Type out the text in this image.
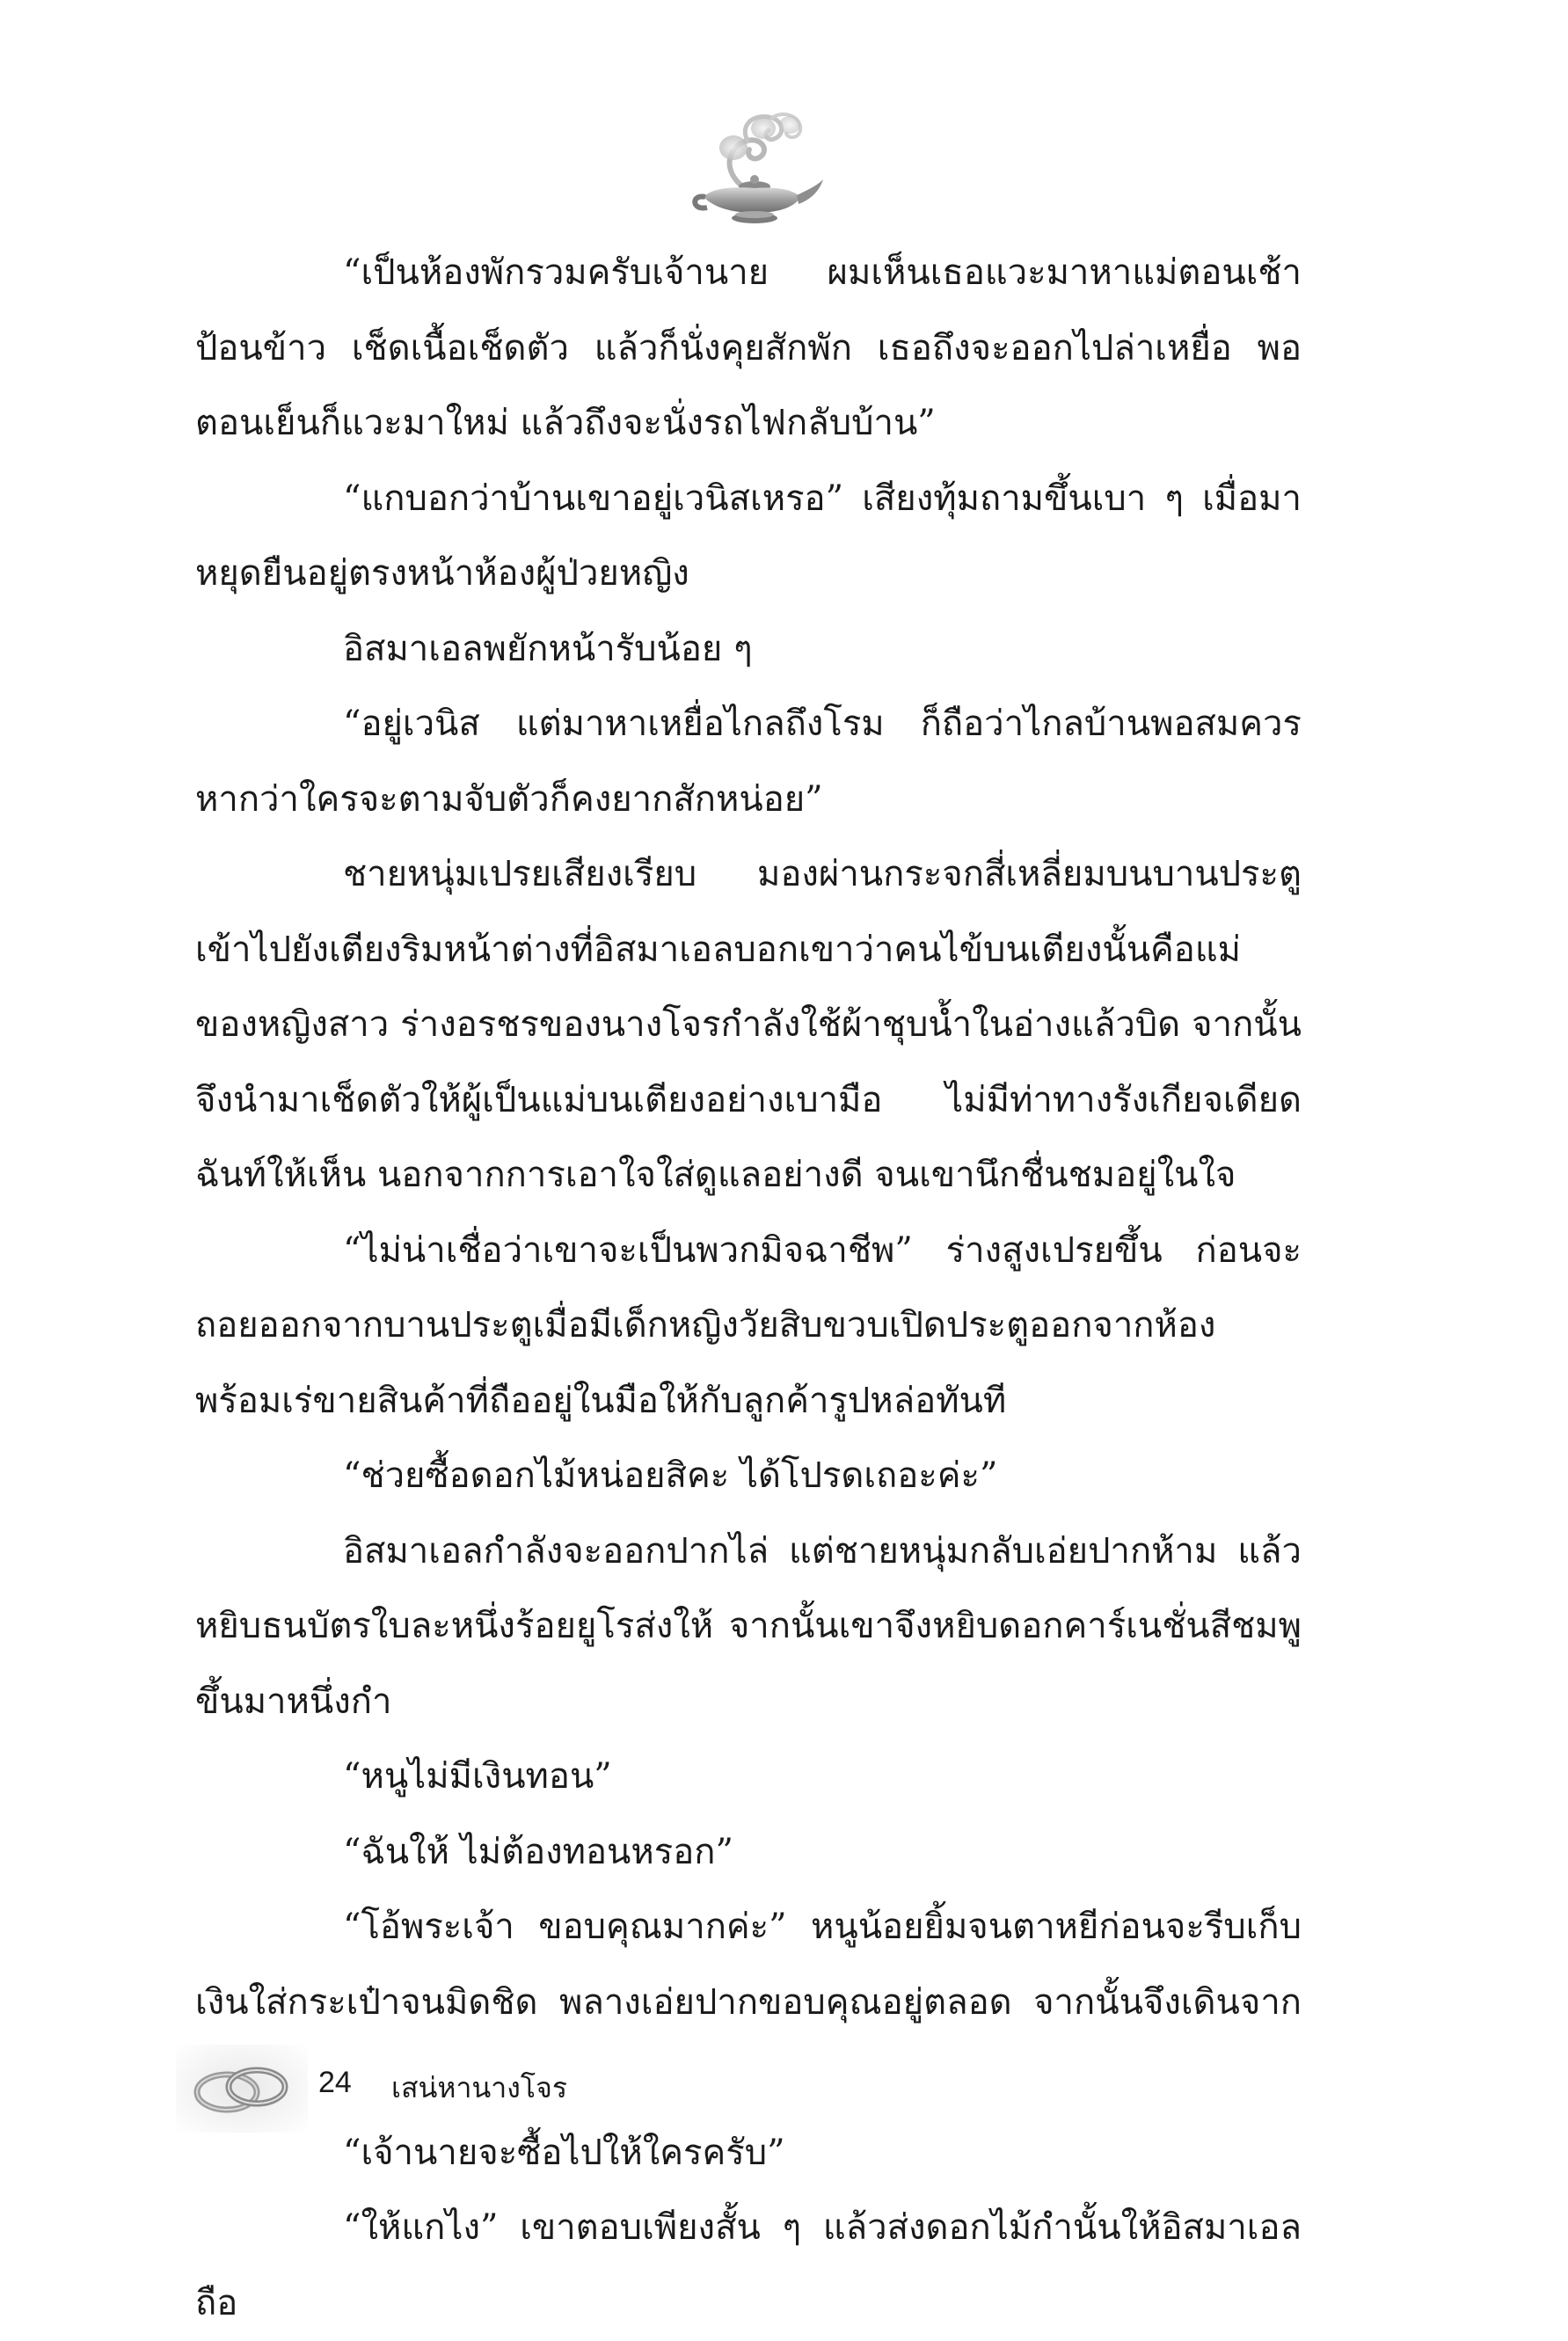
“เป็นห้องพักรวมครับเจ้านาย ผมเห็นเธอแวะมาหาแม่ตอนเช้า ป้อนข้าว เช็ดเนื้อเช็ดตัว แล้วก็นั่งคุยสักพัก เธอถึงจะออกไปล่าเหยื่อ พอตอนเย็นก็แวะมาใหม่ แล้วถึงจะนั่งรถไฟกลับบ้าน”

“แกบอกว่าบ้านเขาอยู่เวนิสเหรอ” เสียงทุ้มถามขึ้นเบา ๆ เมื่อมาหยุดยืนอยู่ตรงหน้าห้องผู้ป่วยหญิง

อิสมาเอลพยักหน้ารับน้อย ๆ

“อยู่เวนิส แต่มาหาเหยื่อไกลถึงโรม ก็ถือว่าไกลบ้านพอสมควร หากว่าใครจะตามจับตัวก็คงยากสักหน่อย”

ชายหนุ่มเปรยเสียงเรียบ มองผ่านกระจกสี่เหลี่ยมบนบานประตูเข้าไปยังเตียงริมหน้าต่างที่อิสมาเอลบอกเขาว่าคนไข้บนเตียงนั้นคือแม่ของหญิงสาว ร่างอรชรของนางโจรกำลังใช้ผ้าชุบน้ำในอ่างแล้วบิด จากนั้นจึงนำมาเช็ดตัวให้ผู้เป็นแม่บนเตียงอย่างเบามือ ไม่มีท่าทางรังเกียจเดียดฉันท์ให้เห็น นอกจากการเอาใจใส่ดูแลอย่างดี จนเขานึกชื่นชมอยู่ในใจ

“ไม่น่าเชื่อว่าเขาจะเป็นพวกมิจฉาชีพ” ร่างสูงเปรยขึ้น ก่อนจะถอยออกจากบานประตูเมื่อมีเด็กหญิงวัยสิบขวบเปิดประตูออกจากห้อง พร้อมเร่ขายสินค้าที่ถืออยู่ในมือให้กับลูกค้ารูปหล่อทันที

“ช่วยซื้อดอกไม้หน่อยสิคะ ได้โปรดเถอะค่ะ”

อิสมาเอลกำลังจะออกปากไล่ แต่ชายหนุ่มกลับเอ่ยปากห้าม แล้วหยิบธนบัตรใบละหนึ่งร้อยยูโรส่งให้ จากนั้นเขาจึงหยิบดอกคาร์เนชั่นสีชมพูขึ้นมาหนึ่งกำ

“หนูไม่มีเงินทอน”

“ฉันให้ ไม่ต้องทอนหรอก”

“โอ้พระเจ้า ขอบคุณมากค่ะ” หนูน้อยยิ้มจนตาหยีก่อนจะรีบเก็บเงินใส่กระเป๋าจนมิดชิด พลางเอ่ยปากขอบคุณอยู่ตลอด จากนั้นจึงเดินจาก

“เจ้านายจะซื้อไปให้ใครครับ”

“ให้แกไง” เขาตอบเพียงสั้น ๆ แล้วส่งดอกไม้กำนั้นให้อิสมาเอลถือ

24 เสน่หานางโจร
